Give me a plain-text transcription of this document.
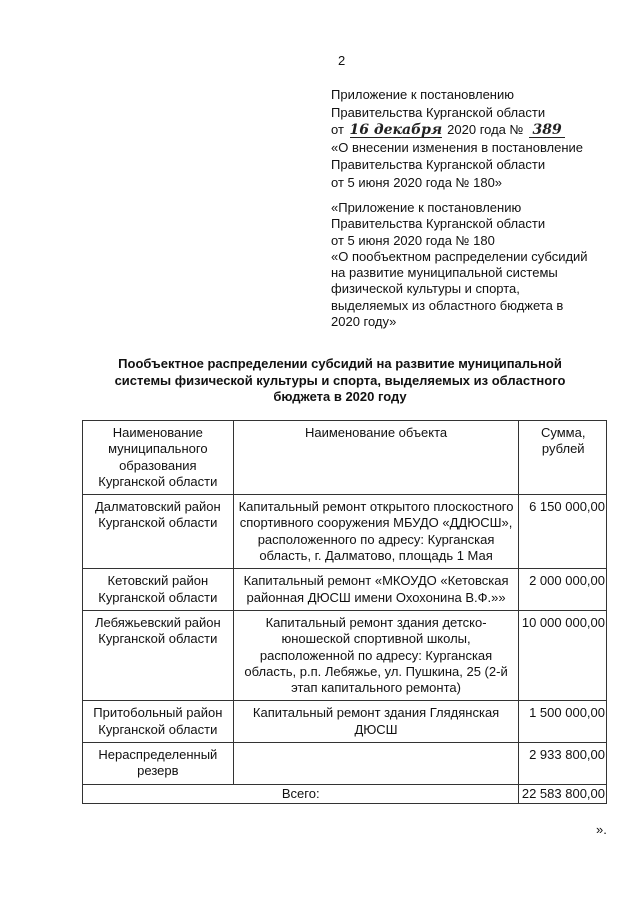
2
Приложение к постановлению
Правительства Курганской области
от 16 декабря 2020 года № 389
«О внесении изменения в постановление
Правительства Курганской области
от 5 июня 2020 года № 180»
«Приложение к постановлению
Правительства Курганской области
от 5 июня 2020 года № 180
«О пообъектном распределении субсидий
на развитие муниципальной системы
физической культуры и спорта,
выделяемых из областного бюджета в
2020 году»
Пообъектное распределении субсидий на развитие муниципальной
системы физической культуры и спорта, выделяемых из областного
бюджета в 2020 году
Наименование муниципального образования Курганской области	Наименование объекта	Сумма, рублей
Далматовский район Курганской области	Капитальный ремонт открытого плоскостного спортивного сооружения МБУДО «ДДЮСШ», расположенного по адресу: Курганская область, г. Далматово, площадь 1 Мая	6 150 000,00
Кетовский район Курганской области	Капитальный ремонт «МКОУДО «Кетовская районная ДЮСШ имени Охохонина В.Ф.»»	2 000 000,00
Лебяжьевский район Курганской области	Капитальный ремонт здания детско-юношеской спортивной школы, расположенной по адресу: Курганская область, р.п. Лебяжье, ул. Пушкина, 25 (2-й этап капитального ремонта)	10 000 000,00
Притобольный район Курганской области	Капитальный ремонт здания Глядянская ДЮСШ	1 500 000,00
Нераспределенный резерв		2 933 800,00
Всего:		22 583 800,00
».
